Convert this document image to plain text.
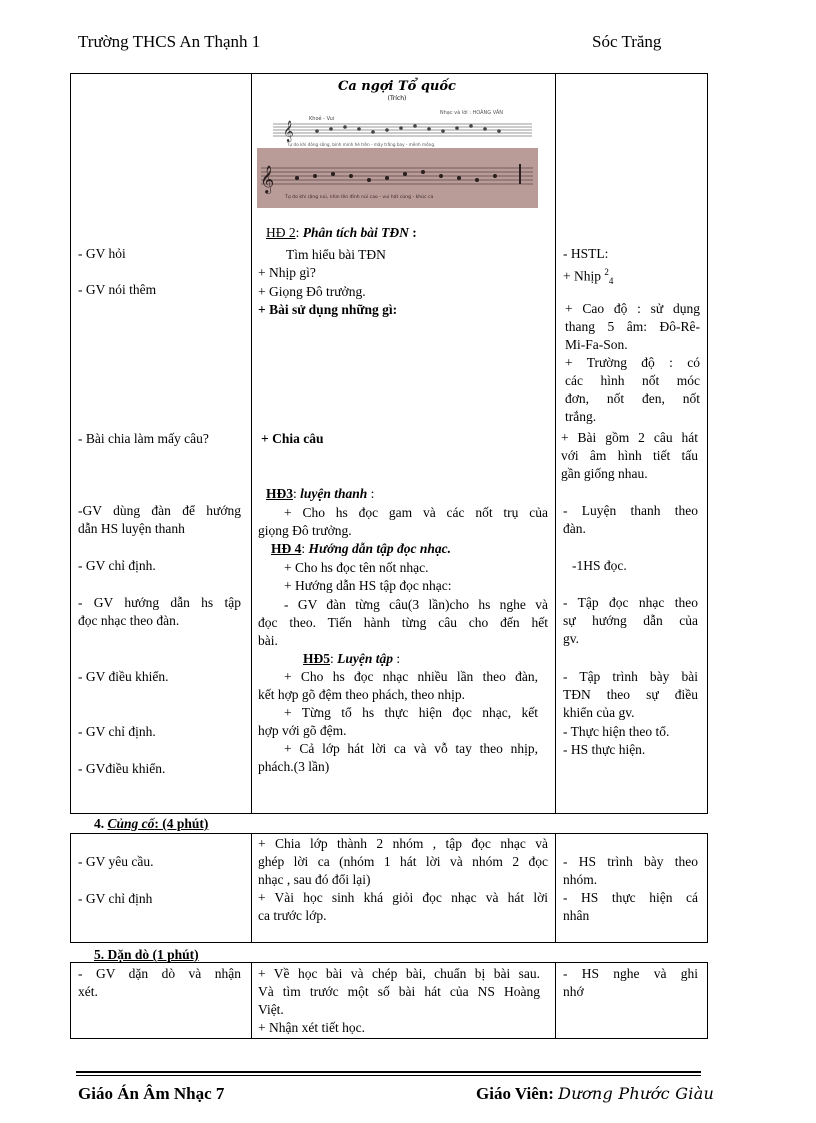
Trường THCS An Thạnh 1	Sóc Trăng
Ca ngợi Tổ quốc
(Trích)
Nhạc và lời : HOÀNG VÂN
Khoẻ - Vui
𝄞
Tự do khi dòng sông, bình minh hé trên - mây trắng bay - mênh mông.
𝄞
Tự do khi rặng núi, nhìn lên đỉnh núi cao - vui hát cùng - khúc ca
- GV hỏi
- GV nói thêm
- Bài chia làm mấy câu?
-GV dùng đàn để hướng
dẫn HS luyện thanh
- GV chỉ định.
- GV hướng dẫn hs tập
đọc nhạc theo đàn.
- GV điều khiển.
- GV chỉ định.
- GVđiều khiển.
HĐ 2: Phân tích bài TĐN :
Tìm hiểu bài TĐN
+ Nhịp gì?
+ Giọng Đô trưởng.
+ Bài sử dụng những gì:
+ Chia câu
HĐ3: luyện thanh :
+ Cho hs đọc gam và các nốt trụ của
giọng Đô trưởng.
HĐ 4: Hướng dẫn tập đọc nhạc.
+ Cho hs đọc tên nốt nhạc.
+ Hướng dẫn HS tập đọc nhạc:
- GV đàn từng câu(3 lần)cho hs nghe và
đọc theo. Tiến hành từng câu cho đến hết
bài.
HĐ5: Luyện tập :
+ Cho hs đọc nhạc nhiều lần theo đàn,
kết hợp gõ đệm theo phách, theo nhịp.
+ Từng tổ hs thực hiện đọc nhạc, kết
hợp với gõ đệm.
+ Cả lớp hát lời ca và vỗ tay theo nhịp,
phách.(3 lần)
- HSTL:
+ Nhịp $^2_4$
+ Cao độ : sử dụng
thang 5 âm: Đô-Rê-
Mi-Fa-Son.
+ Trường độ : có
các hình nốt móc
đơn, nốt đen, nốt
trắng.
+ Bài gồm 2 câu hát
với âm hình tiết tấu
gần giống nhau.
- Luyện thanh theo
đàn.
-1HS đọc.
- Tập đọc nhạc theo
sự hướng dẫn của
gv.
- Tập trình bày bài
TĐN theo sự điều
khiển của gv.
- Thực hiện theo tổ.
- HS thực hiện.
4. Củng cố: (4 phút)
- GV yêu cầu.
- GV chỉ định
+ Chia lớp thành 2 nhóm , tập đọc nhạc và
ghép lời ca (nhóm 1 hát lời và nhóm 2 đọc
nhạc , sau đó đổi lại)
+ Vài học sinh khá giỏi đọc nhạc và hát lời
ca trước lớp.
- HS trình bày theo
nhóm.
- HS thực hiện cá
nhân
5. Dặn dò (1 phút)
- GV dặn dò và nhận
xét.
+ Về học bài và chép bài, chuẩn bị bài sau.
Và tìm trước một số bài hát của NS Hoàng
Việt.
+ Nhận xét tiết học.
- HS nghe và ghi
nhớ
Giáo Án Âm Nhạc 7	Giáo Viên: Dương Phước Giàu
